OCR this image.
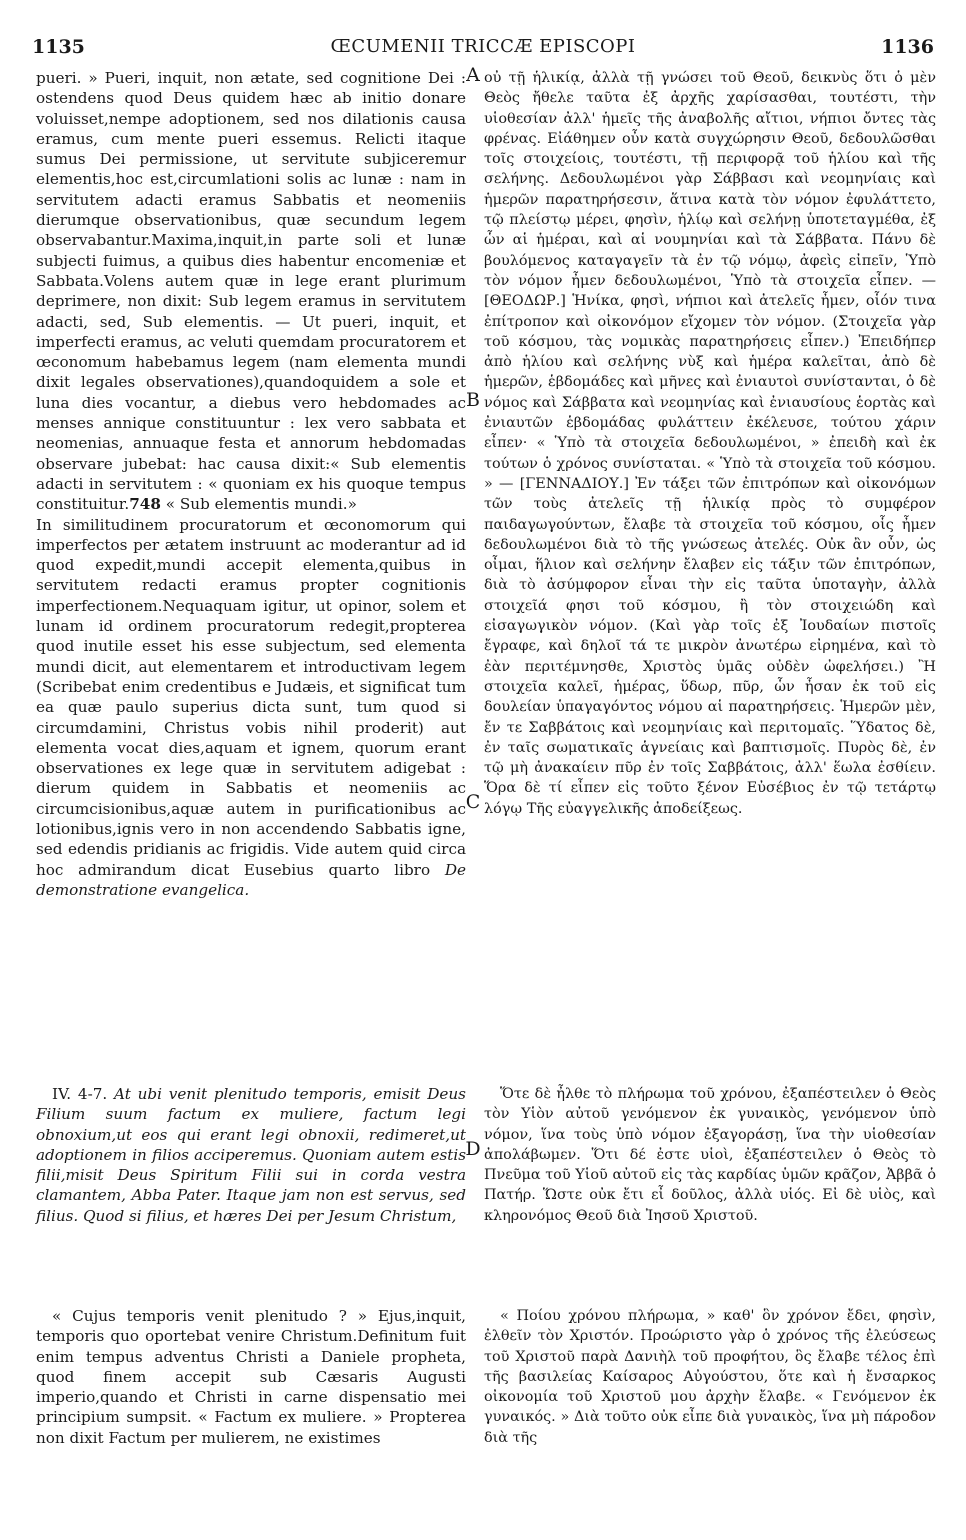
1135	ŒCUMENII TRICCÆ EPISCOPI	1136
A
B
C
D

pueri. » Pueri, inquit, non ætate, sed cognitione Dei : ostendens quod Deus quidem hæc ab initio donare voluisset,nempe adoptionem, sed nos dilationis causa eramus, cum mente pueri essemus. Relicti itaque sumus Dei permissione, ut servitute subjiceremur elementis,hoc est,circumlationi solis ac lunæ : nam in servitutem adacti eramus Sabbatis et neomeniis dierumque observationibus, quæ secundum legem observabantur.Maxima,inquit,in parte soli et lunæ subjecti fuimus, a quibus dies habentur encomeniæ et Sabbata.Volens autem quæ in lege erant plurimum deprimere, non dixit: Sub legem eramus in servitutem adacti, sed, Sub elementis. — Ut pueri, inquit, et imperfecti eramus, ac veluti quemdam procuratorem et œconomum habebamus legem (nam elementa mundi dixit legales observationes),quandoquidem a sole et luna dies vocantur, a diebus vero hebdomades ac menses annique constituuntur : lex vero sabbata et neomenias, annuaque festa et annorum hebdomadas observare jubebat: hac causa dixit:« Sub elementis adacti in servitutem : « quoniam ex his quoque tempus constituitur.748 « Sub elementis mundi.»

In similitudinem procuratorum et œconomorum qui imperfectos per ætatem instruunt ac moderantur ad id quod expedit,mundi accepit elementa,quibus in servitutem redacti eramus propter cognitionis imperfectionem.Nequaquam igitur, ut opinor, solem et lunam id ordinem procuratorum redegit,propterea quod inutile esset his esse subjectum, sed elementa mundi dicit, aut elementarem et introductivam legem (Scribebat enim credentibus e Judæis, et significat tum ea quæ paulo superius dicta sunt, tum quod si circumdamini, Christus vobis nihil proderit) aut elementa vocat dies,aquam et ignem, quorum erant observationes ex lege quæ in servitutem adigebat : dierum quidem in Sabbatis et neomeniis ac circumcisionibus,aquæ autem in purificationibus ac lotionibus,ignis vero in non accendendo Sabbatis igne, sed edendis pridianis ac frigidis. Vide autem quid circa hoc admirandum dicat Eusebius quarto libro De demonstratione evangelica.

IV. 4-7. At ubi venit plenitudo temporis, emisit Deus Filium suum factum ex muliere, factum legi obnoxium,ut eos qui erant legi obnoxii, redimeret,ut adoptionem in filios acciperemus. Quoniam autem estis filii,misit Deus Spiritum Filii sui in corda vestra clamantem, Abba Pater. Itaque jam non est servus, sed filius. Quod si filius, et hæres Dei per Jesum Christum,

« Cujus temporis venit plenitudo ? » Ejus,inquit, temporis quo oportebat venire Christum.Definitum fuit enim tempus adventus Christi a Daniele propheta, quod finem accepit sub Cæsaris Augusti imperio,quando et Christi in carne dispensatio mei principium sumpsit. « Factum ex muliere. » Propterea non dixit Factum per mulierem, ne existimes

οὐ τῇ ἡλικίᾳ, ἀλλὰ τῇ γνώσει τοῦ Θεοῦ, δεικνὺς ὅτι ὁ μὲν Θεὸς ἤθελε ταῦτα ἐξ ἀρχῆς χαρίσασθαι, τουτέστι, τὴν υἱοθεσίαν ἀλλ' ἡμεῖς τῆς ἀναβολῆς αἴτιοι, νήπιοι ὄντες τὰς φρένας. Εἰάθημεν οὖν κατὰ συγχώρησιν Θεοῦ, δεδουλῶσθαι τοῖς στοιχείοις, τουτέστι, τῇ περιφορᾷ τοῦ ἡλίου καὶ τῆς σελήνης. Δεδουλωμένοι γὰρ Σάββασι καὶ νεομηνίαις καὶ ἡμερῶν παρατηρήσεσιν, ἅτινα κατὰ τὸν νόμον ἐφυλάττετο, τῷ πλείστῳ μέρει, φησὶν, ἡλίῳ καὶ σελήνῃ ὑποτεταγμέθα, ἐξ ὧν αἱ ἡμέραι, καὶ αἱ νουμηνίαι καὶ τὰ Σάββατα. Πάνυ δὲ βουλόμενος καταγαγεῖν τὰ ἐν τῷ νόμῳ, ἀφεὶς εἰπεῖν, Ὑπὸ τὸν νόμον ἦμεν δεδουλωμένοι, Ὑπὸ τὰ στοιχεῖα εἶπεν. — [ΘΕΟΔΩΡ.] Ἡνίκα, φησὶ, νήπιοι καὶ ἀτελεῖς ἦμεν, οἷόν τινα ἐπίτροπον καὶ οἰκονόμον εἴχομεν τὸν νόμον. (Στοιχεῖα γὰρ τοῦ κόσμου, τὰς νομικὰς παρατηρήσεις εἶπεν.) Ἐπειδήπερ ἀπὸ ἡλίου καὶ σελήνης νὺξ καὶ ἡμέρα καλεῖται, ἀπὸ δὲ ἡμερῶν, ἑβδομάδες καὶ μῆνες καὶ ἐνιαυτοὶ συνίστανται, ὁ δὲ νόμος καὶ Σάββατα καὶ νεομηνίας καὶ ἐνιαυσίους ἑορτὰς καὶ ἐνιαυτῶν ἑβδομάδας φυλάττειν ἐκέλευσε, τούτου χάριν εἶπεν· « Ὑπὸ τὰ στοιχεῖα δεδουλωμένοι, » ἐπειδὴ καὶ ἐκ τούτων ὁ χρόνος συνίσταται. « Ὑπὸ τὰ στοιχεῖα τοῦ κόσμου. » — [ΓΕΝΝΑΔΙΟΥ.] Ἐν τάξει τῶν ἐπιτρόπων καὶ οἰκονόμων τῶν τοὺς ἀτελεῖς τῇ ἡλικίᾳ πρὸς τὸ συμφέρον παιδαγωγούντων, ἔλαβε τὰ στοιχεῖα τοῦ κόσμου, οἷς ἦμεν δεδουλωμένοι διὰ τὸ τῆς γνώσεως ἀτελές. Οὐκ ἂν οὖν, ὡς οἶμαι, ἥλιον καὶ σελήνην ἔλαβεν εἰς τάξιν τῶν ἐπιτρόπων, διὰ τὸ ἀσύμφορον εἶναι τὴν εἰς ταῦτα ὑποταγὴν, ἀλλὰ στοιχεῖά φησι τοῦ κόσμου, ἢ τὸν στοιχειώδη καὶ εἰσαγωγικὸν νόμον. (Καὶ γὰρ τοῖς ἐξ Ἰουδαίων πιστοῖς ἔγραφε, καὶ δηλοῖ τά τε μικρὸν ἀνωτέρω εἰρημένα, καὶ τὸ ἐὰν περιτέμνησθε, Χριστὸς ὑμᾶς οὐδὲν ὠφελήσει.) Ἢ στοιχεῖα καλεῖ, ἡμέρας, ὕδωρ, πῦρ, ὧν ἦσαν ἐκ τοῦ εἰς δουλείαν ὑπαγαγόντος νόμου αἱ παρατηρήσεις. Ἡμερῶν μὲν, ἔν τε Σαββάτοις καὶ νεομηνίαις καὶ περιτομαῖς. Ὕδατος δὲ, ἐν ταῖς σωματικαῖς ἁγνείαις καὶ βαπτισμοῖς. Πυρὸς δὲ, ἐν τῷ μὴ ἀνακαίειν πῦρ ἐν τοῖς Σαββάτοις, ἀλλ' ἕωλα ἐσθίειν. Ὅρα δὲ τί εἶπεν εἰς τοῦτο ξένον Εὐσέβιος ἐν τῷ τετάρτῳ λόγῳ Τῆς εὐαγγελικῆς ἀποδείξεως.

Ὅτε δὲ ἦλθε τὸ πλήρωμα τοῦ χρόνου, ἐξαπέστειλεν ὁ Θεὸς τὸν Υἱὸν αὐτοῦ γενόμενον ἐκ γυναικὸς, γενόμενον ὑπὸ νόμον, ἵνα τοὺς ὑπὸ νόμον ἐξαγοράσῃ, ἵνα τὴν υἱοθεσίαν ἀπολάβωμεν. Ὅτι δέ ἐστε υἱοὶ, ἐξαπέστειλεν ὁ Θεὸς τὸ Πνεῦμα τοῦ Υἱοῦ αὐτοῦ εἰς τὰς καρδίας ὑμῶν κρᾶζον, Ἀββᾶ ὁ Πατήρ. Ὥστε οὐκ ἔτι εἶ δοῦλος, ἀλλὰ υἱός. Εἰ δὲ υἱὸς, καὶ κληρονόμος Θεοῦ διὰ Ἰησοῦ Χριστοῦ.

« Ποίου χρόνου πλήρωμα, » καθ' ὃν χρόνον ἔδει, φησὶν, ἐλθεῖν τὸν Χριστόν. Προώριστο γὰρ ὁ χρόνος τῆς ἐλεύσεως τοῦ Χριστοῦ παρὰ Δανιὴλ τοῦ προφήτου, ὃς ἔλαβε τέλος ἐπὶ τῆς βασιλείας Καίσαρος Αὐγούστου, ὅτε καὶ ἡ ἔνσαρκος οἰκονομία τοῦ Χριστοῦ μου ἀρχὴν ἔλαβε. « Γενόμενον ἐκ γυναικός. » Διὰ τοῦτο οὐκ εἶπε διὰ γυναικὸς, ἵνα μὴ πάροδον διὰ τῆς
